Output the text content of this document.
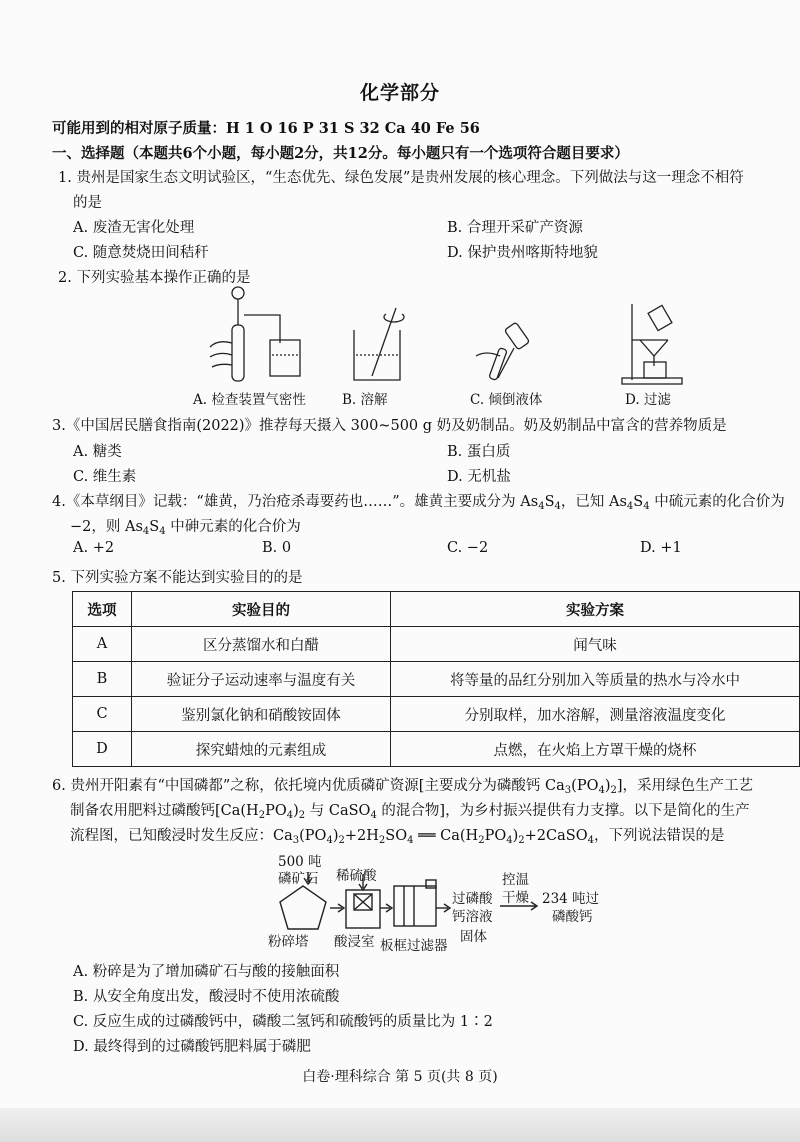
化学部分
可能用到的相对原子质量：H 1 O 16 P 31 S 32 Ca 40 Fe 56
一、选择题（本题共6个小题，每小题2分，共12分。每小题只有一个选项符合题目要求）
1. 贵州是国家生态文明试验区，“生态优先、绿色发展”是贵州发展的核心理念。下列做法与这一理念不相符
的是
A. 废渣无害化处理	B. 合理开采矿产资源
C. 随意焚烧田间秸秆	D. 保护贵州喀斯特地貌
2. 下列实验基本操作正确的是
A. 检查装置气密性	B. 溶解	C. 倾倒液体	D. 过滤
3.《中国居民膳食指南(2022)》推荐每天摄入 300~500 g 奶及奶制品。奶及奶制品中富含的营养物质是
A. 糖类	B. 蛋白质
C. 维生素	D. 无机盐
4.《本草纲目》记载：“雄黄，乃治疮杀毒要药也……”。雄黄主要成分为 $As_4S_4$，已知 $As_4S_4$ 中硫元素的化合价为
−2，则 $As_4S_4$ 中砷元素的化合价为
A. +2	B. 0	C. −2	D. +1
5. 下列实验方案不能达到实验目的的是
选项	实验目的	实验方案
A	区分蒸馏水和白醋	闻气味
B	验证分子运动速率与温度有关	将等量的品红分别加入等质量的热水与冷水中
C	鉴别氯化钠和硝酸铵固体	分别取样，加水溶解，测量溶液温度变化
D	探究蜡烛的元素组成	点燃，在火焰上方罩干燥的烧杯
6. 贵州开阳素有“中国磷都”之称，依托境内优质磷矿资源[主要成分为磷酸钙 $Ca_3(PO_4)_2$]，采用绿色生产工艺
制备农用肥料过磷酸钙[$Ca(H_2PO_4)_2$ 与 CaSO$_4$ 的混合物]，为乡村振兴提供有力支撑。以下是简化的生产
流程图，已知酸浸时发生反应：$Ca_3(PO_4)_2+2H_2SO_4$ ══ $Ca(H_2PO_4)_2+2CaSO_4$，下列说法错误的是
500 吨
磷矿石 稀硫酸
粉碎塔 酸浸室 板框过滤器
过磷酸
钙溶液
固体
控温
干燥 234 吨过
磷酸钙
A. 粉碎是为了增加磷矿石与酸的接触面积
B. 从安全角度出发，酸浸时不使用浓硫酸
C. 反应生成的过磷酸钙中，磷酸二氢钙和硫酸钙的质量比为 1∶2
D. 最终得到的过磷酸钙肥料属于磷肥
白卷·理科综合 第 5 页(共 8 页)
